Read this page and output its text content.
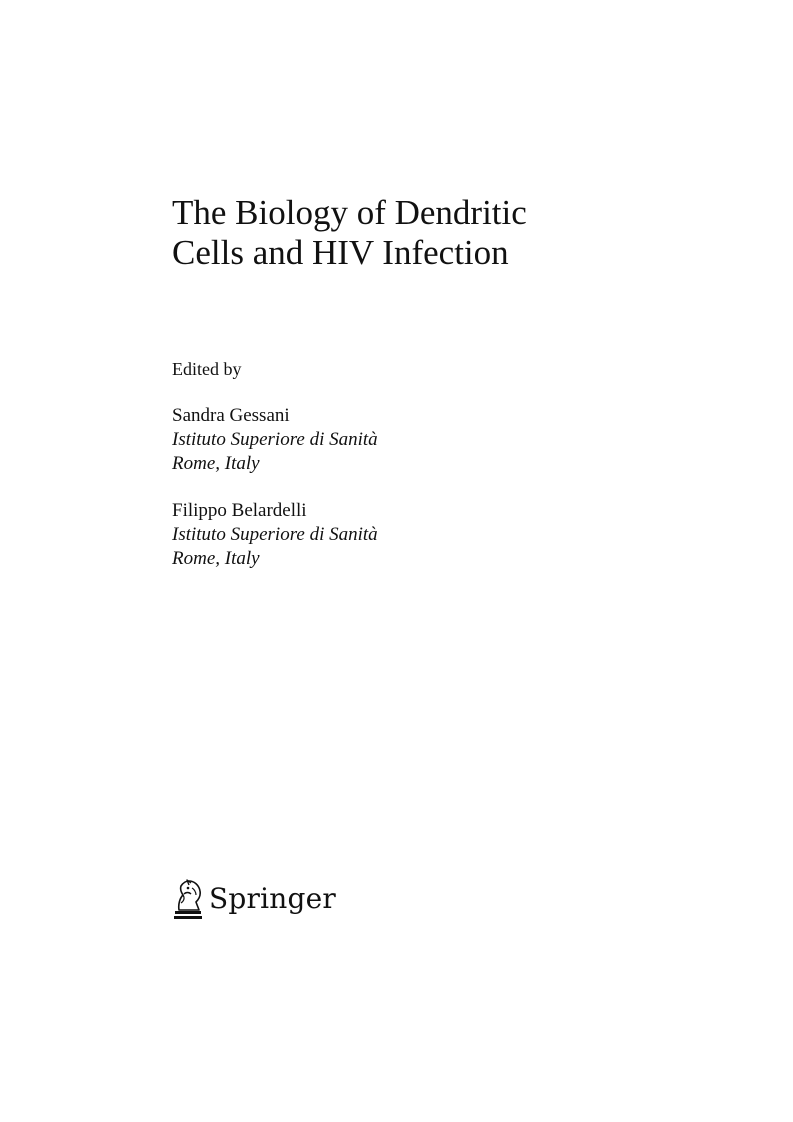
The Biology of Dendritic
Cells and HIV Infection

Edited by

Sandra Gessani
Istituto Superiore di Sanità
Rome, Italy
Filippo Belardelli
Istituto Superiore di Sanità
Rome, Italy
Springer
